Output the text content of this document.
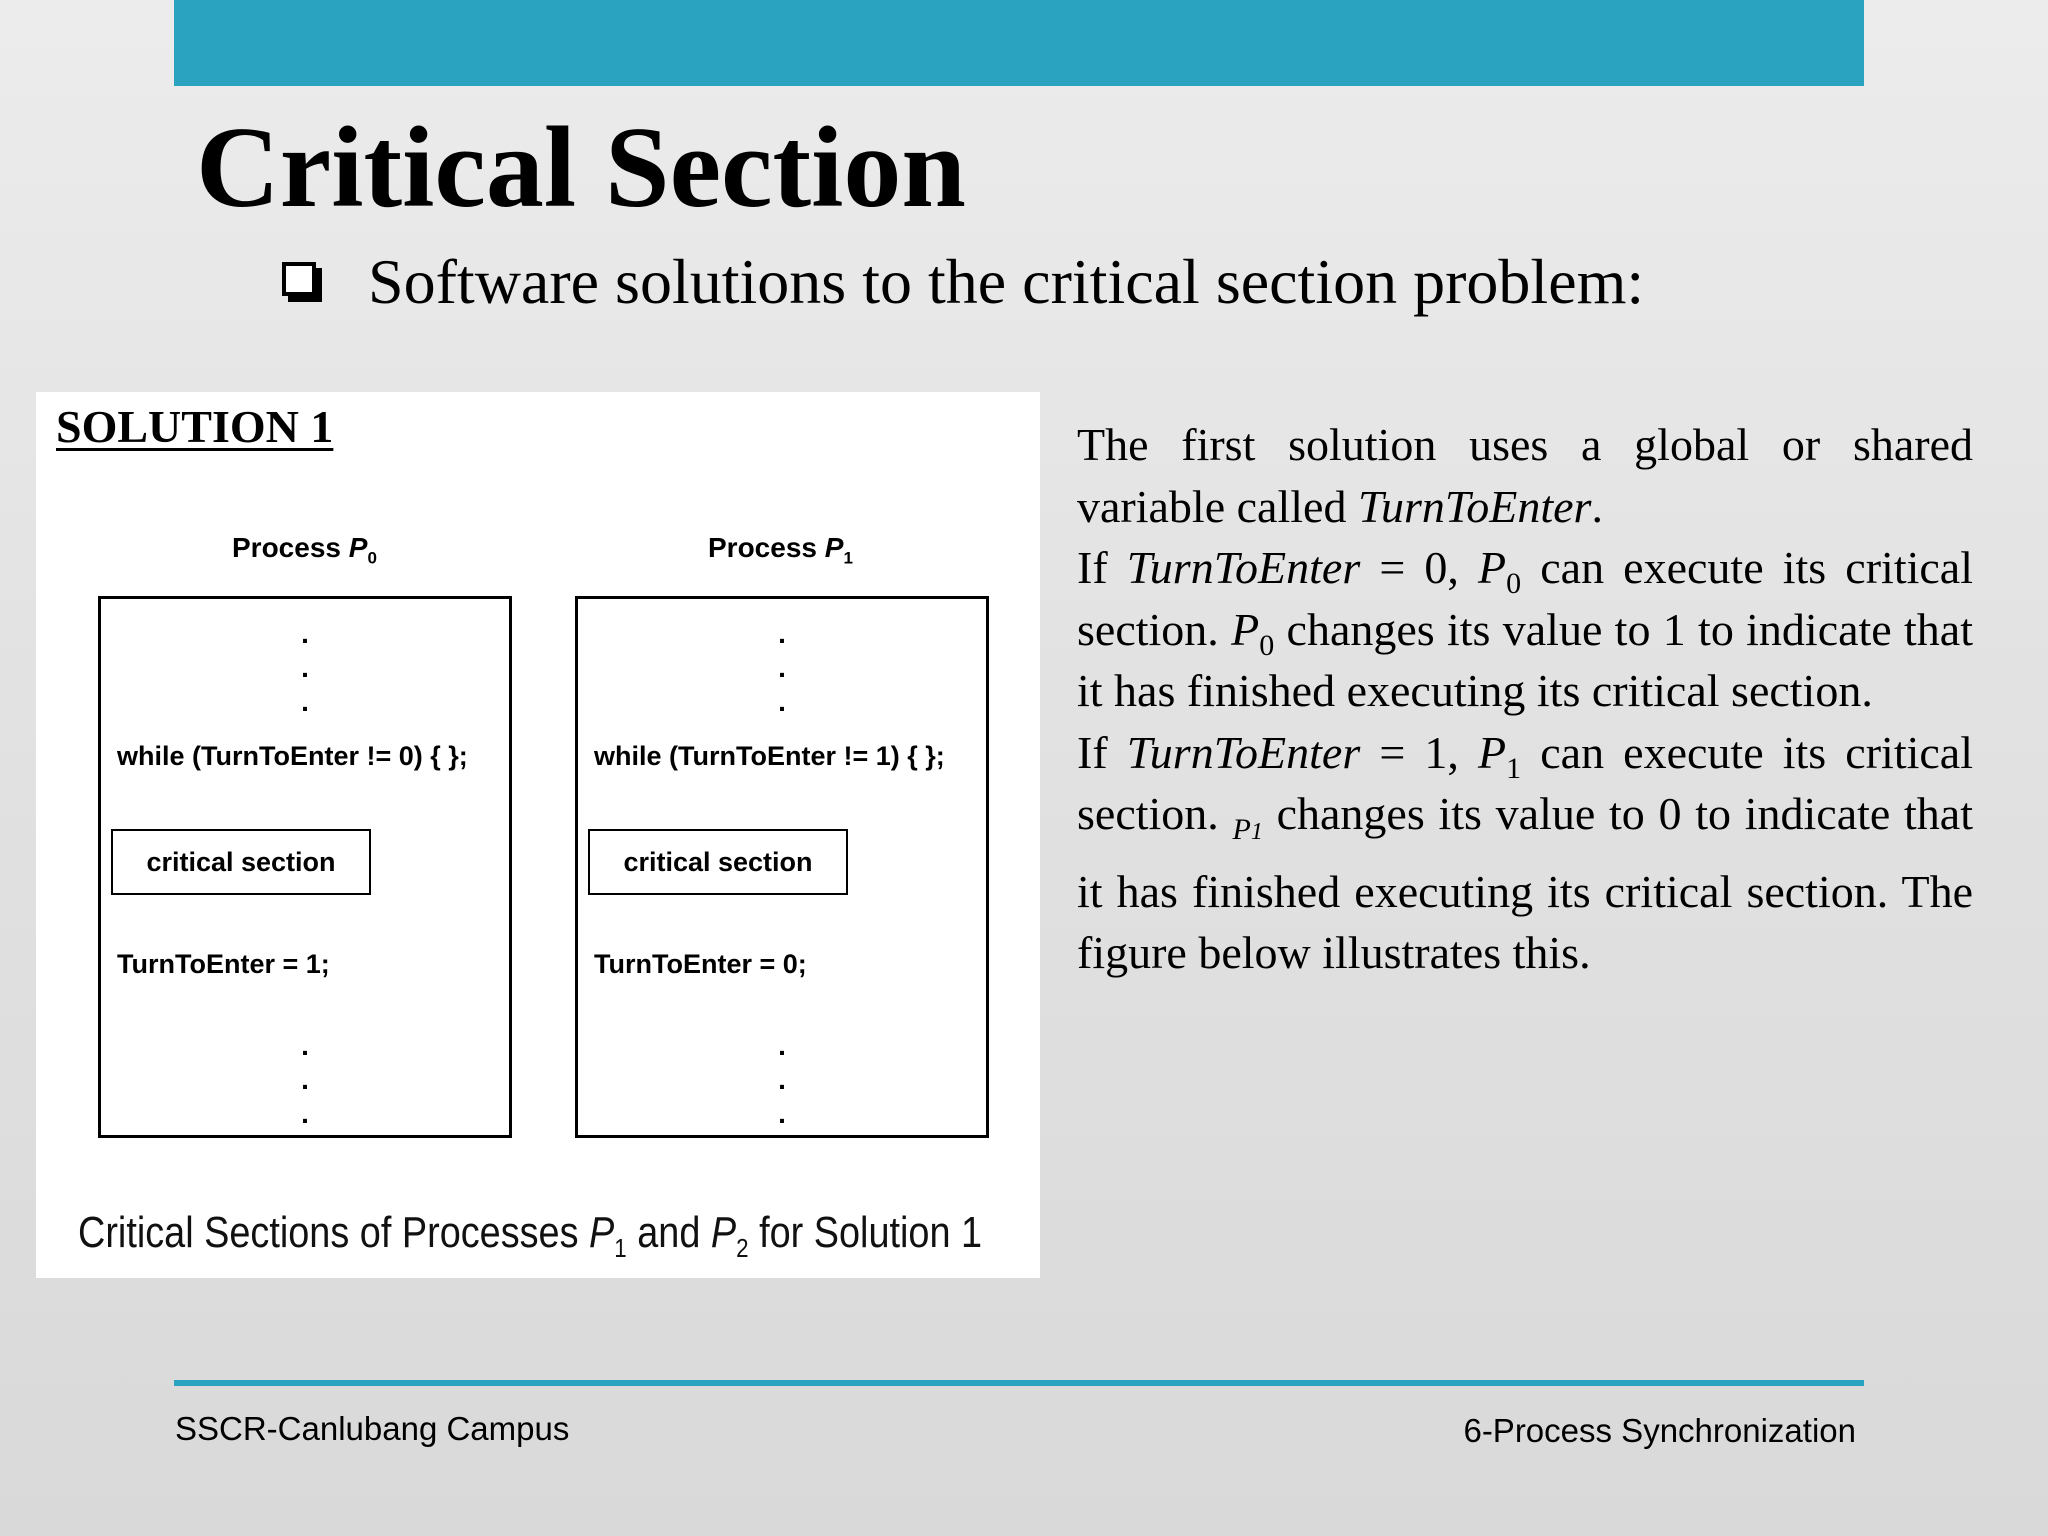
Critical Section
Software solutions to the critical section problem:
SOLUTION 1
Process $P_0$
.
.
.
while (TurnToEnter != 0) { };
critical section
TurnToEnter = 1;
.
.
.
Process $P_1$
.
.
.
while (TurnToEnter != 1) { };
critical section
TurnToEnter = 0;
.
.
.
Critical Sections of Processes $P_1$ and $P_2$ for Solution 1

The first solution uses a global or shared variable called TurnToEnter.

If TurnToEnter = 0, $P_0$ can execute its critical section. $P_0$ changes its value to 1 to indicate that it has finished executing its critical section.

If TurnToEnter = 1, $P_1$ can execute its critical section. $_{P1}$ changes its value to 0 to indicate that it has finished executing its critical section. The figure below illustrates this.

SSCR-Canlubang Campus	6-Process Synchronization
